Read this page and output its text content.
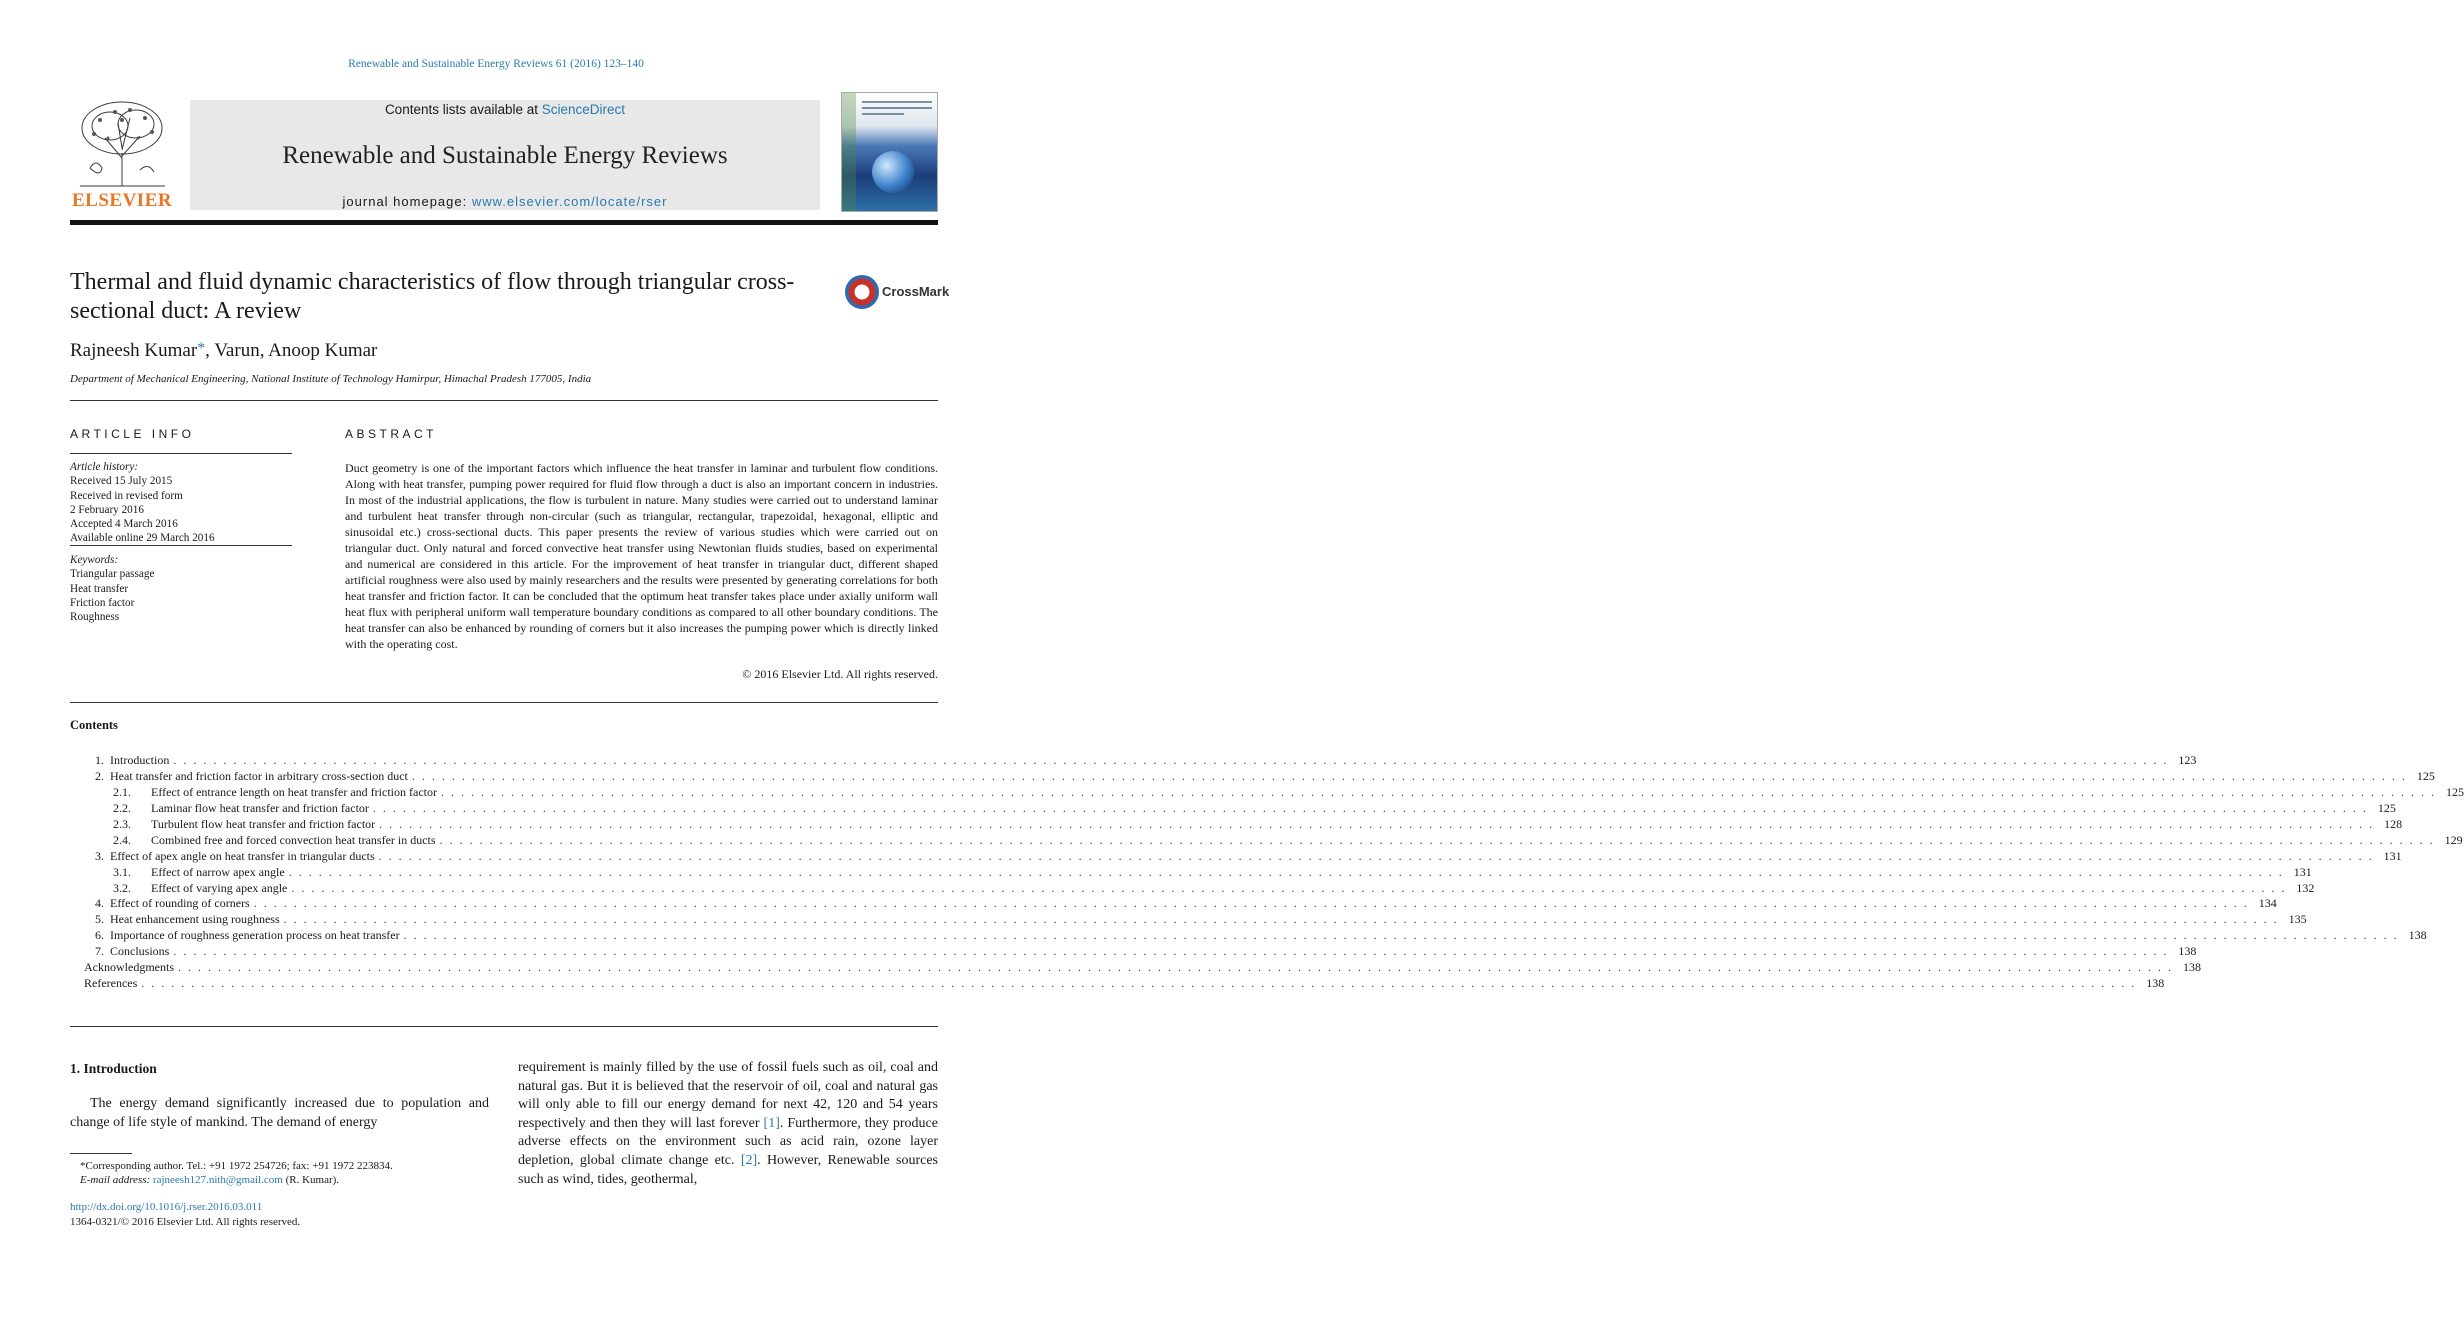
Renewable and Sustainable Energy Reviews 61 (2016) 123–140
ELSEVIER
Contents lists available at ScienceDirect
Renewable and Sustainable Energy Reviews
journal homepage: www.elsevier.com/locate/rser
Thermal and fluid dynamic characteristics of flow through triangular cross-sectional duct: A review
CrossMark
Rajneesh Kumar*, Varun, Anoop Kumar
Department of Mechanical Engineering, National Institute of Technology Hamirpur, Himachal Pradesh 177005, India
ARTICLE INFO
Article history:
Received 15 July 2015
Received in revised form
2 February 2016
Accepted 4 March 2016
Available online 29 March 2016
Keywords:
Triangular passage
Heat transfer
Friction factor
Roughness
ABSTRACT
Duct geometry is one of the important factors which influence the heat transfer in laminar and turbulent flow conditions. Along with heat transfer, pumping power required for fluid flow through a duct is also an important concern in industries. In most of the industrial applications, the flow is turbulent in nature. Many studies were carried out to understand laminar and turbulent heat transfer through non-circular (such as triangular, rectangular, trapezoidal, hexagonal, elliptic and sinusoidal etc.) cross-sectional ducts. This paper presents the review of various studies which were carried out on triangular duct. Only natural and forced convective heat transfer using Newtonian fluids studies, based on experimental and numerical are considered in this article. For the improvement of heat transfer in triangular duct, different shaped artificial roughness were also used by mainly researchers and the results were presented by generating correlations for both heat transfer and friction factor. It can be concluded that the optimum heat transfer takes place under axially uniform wall heat flux with peripheral uniform wall temperature boundary conditions as compared to all other boundary conditions. The heat transfer can also be enhanced by rounding of corners but it also increases the pumping power which is directly linked with the operating cost.
© 2016 Elsevier Ltd. All rights reserved.
Contents
1. Introduction . . . . . . . . . . . . . . . . . . . . . . . . . . . . . . . . . . . . . . . . . . . . . . . . . . . . . . . . . . . . . . . . . . . . . . . . . . . . . . . . . . . . . . . . . . . . . . . . . . . . . . . . . . . . . . . . . . . . . . . . . . . . . . . . . . . . . . . . . . . . . . . . . . . . . . . . . . . . . . . . . . . . . . . . . . . . . . . . . . . . . . . . . . . . . . . . . . . . . . . . 123
2. Heat transfer and friction factor in arbitrary cross-section duct . . . . . . . . . . . . . . . . . . . . . . . . . . . . . . . . . . . . . . . . . . . . . . . . . . . . . . . . . . . . . . . . . . . . . . . . . . . . . . . . . . . . . . . . . . . . . . . . . . . . . . . . . . . . . . . . . . . . . . . . . . . . . . . . . . . . . . . . . . . . . . . . . . . . . . . . . . . . . . . . . . . . . . . . . . . . . . . . . . . . . . . . . . . . . . . . . . . . . . . . 125
2.1. Effect of entrance length on heat transfer and friction factor . . . . . . . . . . . . . . . . . . . . . . . . . . . . . . . . . . . . . . . . . . . . . . . . . . . . . . . . . . . . . . . . . . . . . . . . . . . . . . . . . . . . . . . . . . . . . . . . . . . . . . . . . . . . . . . . . . . . . . . . . . . . . . . . . . . . . . . . . . . . . . . . . . . . . . . . . . . . . . . . . . . . . . . . . . . . . . . . . . . . . . . . . . . . . . . . . . . . . . . . 125
2.2. Laminar flow heat transfer and friction factor . . . . . . . . . . . . . . . . . . . . . . . . . . . . . . . . . . . . . . . . . . . . . . . . . . . . . . . . . . . . . . . . . . . . . . . . . . . . . . . . . . . . . . . . . . . . . . . . . . . . . . . . . . . . . . . . . . . . . . . . . . . . . . . . . . . . . . . . . . . . . . . . . . . . . . . . . . . . . . . . . . . . . . . . . . . . . . . . . . . . . . . . . . . . . . . . . . . . . . . . 125
2.3. Turbulent flow heat transfer and friction factor . . . . . . . . . . . . . . . . . . . . . . . . . . . . . . . . . . . . . . . . . . . . . . . . . . . . . . . . . . . . . . . . . . . . . . . . . . . . . . . . . . . . . . . . . . . . . . . . . . . . . . . . . . . . . . . . . . . . . . . . . . . . . . . . . . . . . . . . . . . . . . . . . . . . . . . . . . . . . . . . . . . . . . . . . . . . . . . . . . . . . . . . . . . . . . . . . . . . . . . . 128
2.4. Combined free and forced convection heat transfer in ducts . . . . . . . . . . . . . . . . . . . . . . . . . . . . . . . . . . . . . . . . . . . . . . . . . . . . . . . . . . . . . . . . . . . . . . . . . . . . . . . . . . . . . . . . . . . . . . . . . . . . . . . . . . . . . . . . . . . . . . . . . . . . . . . . . . . . . . . . . . . . . . . . . . . . . . . . . . . . . . . . . . . . . . . . . . . . . . . . . . . . . . . . . . . . . . . . . . . . . . . . 129
3. Effect of apex angle on heat transfer in triangular ducts . . . . . . . . . . . . . . . . . . . . . . . . . . . . . . . . . . . . . . . . . . . . . . . . . . . . . . . . . . . . . . . . . . . . . . . . . . . . . . . . . . . . . . . . . . . . . . . . . . . . . . . . . . . . . . . . . . . . . . . . . . . . . . . . . . . . . . . . . . . . . . . . . . . . . . . . . . . . . . . . . . . . . . . . . . . . . . . . . . . . . . . . . . . . . . . . . . . . . . . . 131
3.1. Effect of narrow apex angle . . . . . . . . . . . . . . . . . . . . . . . . . . . . . . . . . . . . . . . . . . . . . . . . . . . . . . . . . . . . . . . . . . . . . . . . . . . . . . . . . . . . . . . . . . . . . . . . . . . . . . . . . . . . . . . . . . . . . . . . . . . . . . . . . . . . . . . . . . . . . . . . . . . . . . . . . . . . . . . . . . . . . . . . . . . . . . . . . . . . . . . . . . . . . . . . . . . . . . . . 131
3.2. Effect of varying apex angle . . . . . . . . . . . . . . . . . . . . . . . . . . . . . . . . . . . . . . . . . . . . . . . . . . . . . . . . . . . . . . . . . . . . . . . . . . . . . . . . . . . . . . . . . . . . . . . . . . . . . . . . . . . . . . . . . . . . . . . . . . . . . . . . . . . . . . . . . . . . . . . . . . . . . . . . . . . . . . . . . . . . . . . . . . . . . . . . . . . . . . . . . . . . . . . . . . . . . . . . 132
4. Effect of rounding of corners . . . . . . . . . . . . . . . . . . . . . . . . . . . . . . . . . . . . . . . . . . . . . . . . . . . . . . . . . . . . . . . . . . . . . . . . . . . . . . . . . . . . . . . . . . . . . . . . . . . . . . . . . . . . . . . . . . . . . . . . . . . . . . . . . . . . . . . . . . . . . . . . . . . . . . . . . . . . . . . . . . . . . . . . . . . . . . . . . . . . . . . . . . . . . . . . . . . . . . . . 134
5. Heat enhancement using roughness . . . . . . . . . . . . . . . . . . . . . . . . . . . . . . . . . . . . . . . . . . . . . . . . . . . . . . . . . . . . . . . . . . . . . . . . . . . . . . . . . . . . . . . . . . . . . . . . . . . . . . . . . . . . . . . . . . . . . . . . . . . . . . . . . . . . . . . . . . . . . . . . . . . . . . . . . . . . . . . . . . . . . . . . . . . . . . . . . . . . . . . . . . . . . . . . . . . . . . . . 135
6. Importance of roughness generation process on heat transfer . . . . . . . . . . . . . . . . . . . . . . . . . . . . . . . . . . . . . . . . . . . . . . . . . . . . . . . . . . . . . . . . . . . . . . . . . . . . . . . . . . . . . . . . . . . . . . . . . . . . . . . . . . . . . . . . . . . . . . . . . . . . . . . . . . . . . . . . . . . . . . . . . . . . . . . . . . . . . . . . . . . . . . . . . . . . . . . . . . . . . . . . . . . . . . . . . . . . . . . . 138
7. Conclusions . . . . . . . . . . . . . . . . . . . . . . . . . . . . . . . . . . . . . . . . . . . . . . . . . . . . . . . . . . . . . . . . . . . . . . . . . . . . . . . . . . . . . . . . . . . . . . . . . . . . . . . . . . . . . . . . . . . . . . . . . . . . . . . . . . . . . . . . . . . . . . . . . . . . . . . . . . . . . . . . . . . . . . . . . . . . . . . . . . . . . . . . . . . . . . . . . . . . . . . . 138
Acknowledgments . . . . . . . . . . . . . . . . . . . . . . . . . . . . . . . . . . . . . . . . . . . . . . . . . . . . . . . . . . . . . . . . . . . . . . . . . . . . . . . . . . . . . . . . . . . . . . . . . . . . . . . . . . . . . . . . . . . . . . . . . . . . . . . . . . . . . . . . . . . . . . . . . . . . . . . . . . . . . . . . . . . . . . . . . . . . . . . . . . . . . . . . . . . . . . . . . . . . . . . . 138
References . . . . . . . . . . . . . . . . . . . . . . . . . . . . . . . . . . . . . . . . . . . . . . . . . . . . . . . . . . . . . . . . . . . . . . . . . . . . . . . . . . . . . . . . . . . . . . . . . . . . . . . . . . . . . . . . . . . . . . . . . . . . . . . . . . . . . . . . . . . . . . . . . . . . . . . . . . . . . . . . . . . . . . . . . . . . . . . . . . . . . . . . . . . . . . . . . . . . . . . . 138
1. Introduction
The energy demand significantly increased due to population and change of life style of mankind. The demand of energy
requirement is mainly filled by the use of fossil fuels such as oil, coal and natural gas. But it is believed that the reservoir of oil, coal and natural gas will only able to fill our energy demand for next 42, 120 and 54 years respectively and then they will last forever [1]. Furthermore, they produce adverse effects on the environment such as acid rain, ozone layer depletion, global climate change etc. [2]. However, Renewable sources such as wind, tides, geothermal,
*Corresponding author. Tel.: +91 1972 254726; fax: +91 1972 223834.
E-mail address: rajneesh127.nith@gmail.com (R. Kumar).
http://dx.doi.org/10.1016/j.rser.2016.03.011
1364-0321/© 2016 Elsevier Ltd. All rights reserved.
